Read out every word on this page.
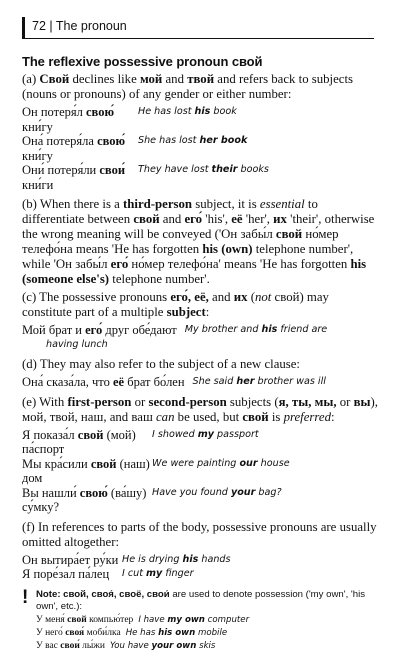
72 | The pronoun
The reflexive possessive pronoun свой

(a) Свой declines like мой and твой and refers back to subjects (nouns or pronouns) of any gender or either number:

Он потеря́л свою́ кни́гу
He has lost his book
Она́ потеря́ла свою́ кни́гу
She has lost her book
Они́ потеря́ли свои́ кни́ги
They have lost their books

(b) When there is a third-person subject, it is essential to differentiate between свой and его́ 'his', её 'her', их 'their', otherwise the wrong meaning will be conveyed ('Он забы́л свой но́мер телефо́на means 'He has forgotten his (own) telephone number', while 'Он забы́л его́ но́мер телефо́на' means 'He has forgotten his (someone else's) telephone number'.

(c) The possessive pronouns его́, её, and их (not свой) may constitute part of a multiple subject:

Мой брат и его́ друг обе́дают My brother and his friend are
having lunch

(d) They may also refer to the subject of a new clause:

Она́ сказа́ла, что её брат бо́лен She said her brother was ill

(e) With first-person or second-person subjects (я, ты, мы, or вы), мой, твой, наш, and ваш can be used, but свой is preferred:

Я показа́л свой (мой) па́спорт
I showed my passport
Мы кра́сили свой (наш) дом
We were painting our house
Вы нашли́ свою́ (ва́шу) су́мку?
Have you found your bag?

(f) In references to parts of the body, possessive pronouns are usually omitted altogether:

Он вытира́ет ру́ки He is drying his hands
Я поре́зал па́лец	I cut my finger
! Note: свой, своя́, своё, свои́ are used to denote possession ('my own', 'his own', etc.):

У меня́ свой компью́тер I have my own computer
У него́ своя́ моби́лка He has his own mobile
У вас свои́ лы́жи You have your own skis
